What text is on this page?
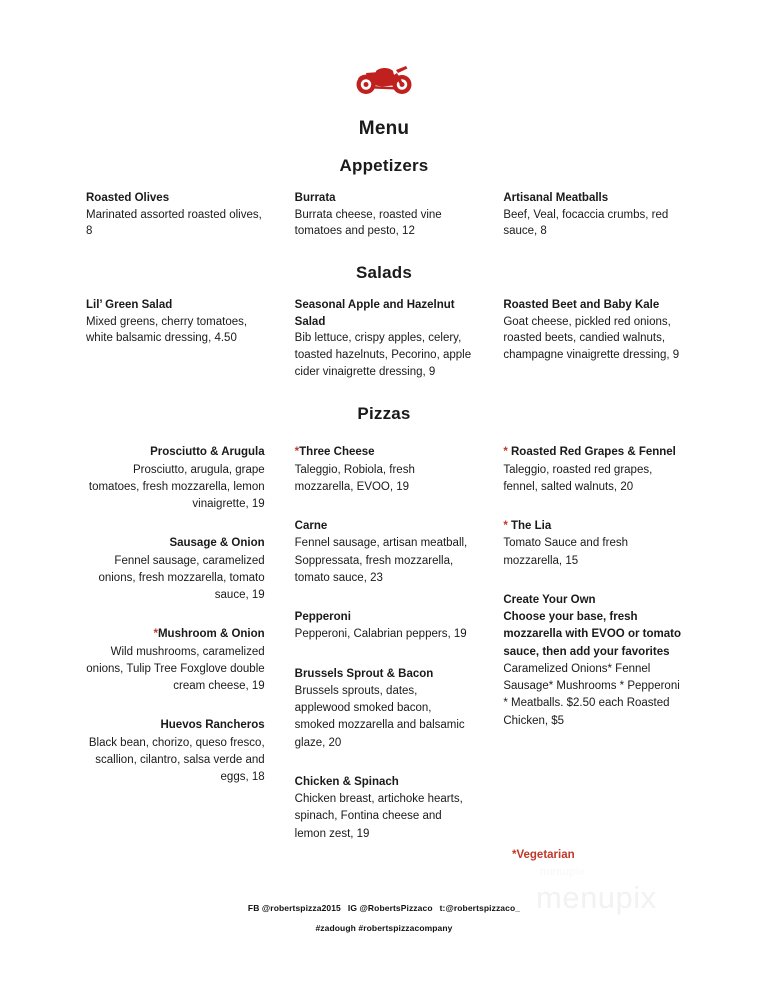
Menu
Appetizers
Roasted Olives
Marinated assorted roasted olives, 8
Burrata
Burrata cheese, roasted vine tomatoes and pesto, 12
Artisanal Meatballs
Beef, Veal, focaccia crumbs, red sauce, 8
Salads
Lil’ Green Salad
Mixed greens, cherry tomatoes, white balsamic dressing, 4.50
Seasonal Apple and Hazelnut Salad
Bib lettuce, crispy apples, celery, toasted hazelnuts, Pecorino, apple cider vinaigrette dressing, 9
Roasted Beet and Baby Kale
Goat cheese, pickled red onions, roasted beets, candied walnuts, champagne vinaigrette dressing, 9
Pizzas
Prosciutto & Arugula
Prosciutto, arugula, grape tomatoes, fresh mozzarella, lemon vinaigrette, 19
Sausage & Onion
Fennel sausage, caramelized onions, fresh mozzarella, tomato sauce, 19
*Mushroom & Onion
Wild mushrooms, caramelized onions, Tulip Tree Foxglove double cream cheese, 19
Huevos Rancheros
Black bean, chorizo, queso fresco, scallion, cilantro, salsa verde and eggs, 18
*Three Cheese
Taleggio, Robiola, fresh mozzarella, EVOO, 19
Carne
Fennel sausage, artisan meatball, Soppressata, fresh mozzarella, tomato sauce, 23
Pepperoni
Pepperoni, Calabrian peppers, 19
Brussels Sprout & Bacon
Brussels sprouts, dates, applewood smoked bacon, smoked mozzarella and balsamic glaze, 20
Chicken & Spinach
Chicken breast, artichoke hearts, spinach, Fontina cheese and lemon zest, 19
* Roasted Red Grapes & Fennel
Taleggio, roasted red grapes, fennel, salted walnuts, 20
* The Lia
Tomato Sauce and fresh mozzarella, 15
Create Your Own
Choose your base, fresh mozzarella with EVOO or tomato sauce, then add your favorites
Caramelized Onions* Fennel Sausage* Mushrooms * Pepperoni * Meatballs. $2.50 each Roasted Chicken, $5
*Vegetarian
menupix
menupix
FB @robertspizza2015 IG @RobertsPizzaco t:@robertspizzaco_
#zadough #robertspizzacompany
